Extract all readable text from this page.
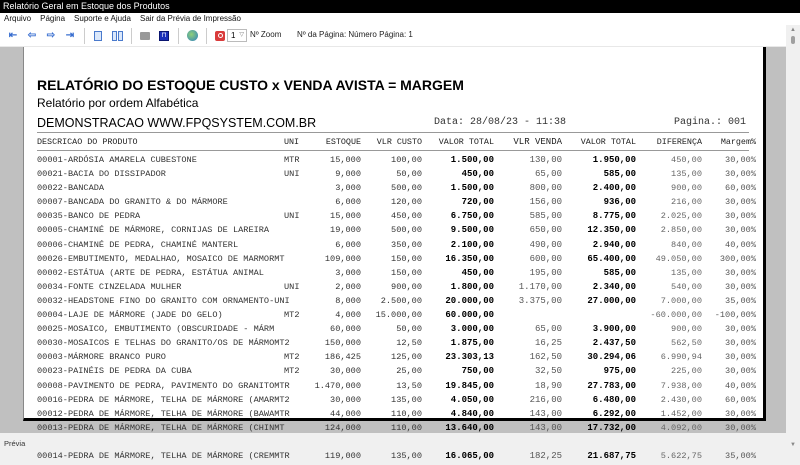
Relatório Geral em Estoque dos Produtos
Arquivo Página Suporte e Ajuda Sair da Prévia de Impressão
⇤ ⇦ ⇨ ⇥	⊓	1 ▽ Nº Zoom Nº da Página: Número Página: 1
RELATÓRIO DO ESTOQUE CUSTO x VENDA AVISTA = MARGEM
Relatório por ordem Alfabética
DEMONSTRACAO WWW.FPQSYSTEM.COM.BR	Data: 28/08/23 - 11:38	Pagina.: 001
DESCRICAO DO PRODUTO	UNI	ESTOQUE VLR CUSTO VALOR TOTAL VLR VENDA VALOR TOTAL DIFERENÇA Margem%
00001-ARDÓSIA AMARELA CUBESTONE	MTR	15,000	100,00	1.500,00	130,00	1.950,00	450,00	30,00%
00021-BACIA DO DISSIPADOR	UNI	9,000	50,00	450,00	65,00	585,00	135,00	30,00%
00022-BANCADA	3,000	500,00	1.500,00	800,00	2.400,00	900,00	60,00%
00007-BANCADA DO GRANITO & DO MÁRMORE	6,000	120,00	720,00	156,00	936,00	216,00	30,00%
00035-BANCO DE PEDRA	UNI	15,000	450,00	6.750,00	585,00	8.775,00	2.025,00	30,00%
00005-CHAMINÉ DE MÁRMORE, CORNIJAS DE LAREIRA	19,000	500,00	9.500,00	650,00	12.350,00	2.850,00	30,00%
00006-CHAMINÉ DE PEDRA, CHAMINÉ MANTERL	6,000	350,00	2.100,00	490,00	2.940,00	840,00	40,00%
00026-EMBUTIMENTO, MEDALHAO, MOSAICO DE MARMORMT	109,000	150,00	16.350,00	600,00	65.400,00 49.050,00 300,00%
00002-ESTÁTUA (ARTE DE PEDRA, ESTÁTUA ANIMAL	3,000	150,00	450,00	195,00	585,00	135,00	30,00%
00034-FONTE CINZELADA MULHER	UNI	2,000	900,00	1.800,00	1.170,00	2.340,00	540,00	30,00%
00032-HEADSTONE FINO DO GRANITO COM ORNAMENTO-UNI	8,000 2.500,00	20.000,00	3.375,00	27.000,00	7.000,00	35,00%
00004-LAJE DE MÁRMORE (JADE DO GELO)	MT2	4,000 15.000,00	60.000,00	-60.000,00 -100,00%
00025-MOSAICO, EMBUTIMENTO (OBSCURIDADE - MÁRM	60,000	50,00	3.000,00	65,00	3.900,00	900,00	30,00%
00030-MOSAICOS E TELHAS DO GRANITO/OS DE MÁRMOMT2	150,000	12,50	1.875,00	16,25	2.437,50	562,50	30,00%
00003-MÁRMORE BRANCO PURO	MT2	186,425	125,00	23.303,13	162,50	30.294,06	6.990,94	30,00%
00023-PAINÉIS DE PEDRA DA CUBA	MT2	30,000	25,00	750,00	32,50	975,00	225,00	30,00%
00008-PAVIMENTO DE PEDRA, PAVIMENTO DO GRANITOMTR	1.470,000	13,50	19.845,00	18,90	27.783,00	7.938,00	40,00%
00016-PEDRA DE MÁRMORE, TELHA DE MÁRMORE (AMARMT2	30,000	135,00	4.050,00	216,00	6.480,00	2.430,00	60,00%
00012-PEDRA DE MÁRMORE, TELHA DE MÁRMORE (BAWAMTR	44,000	110,00	4.840,00	143,00	6.292,00	1.452,00	30,00%
00013-PEDRA DE MÁRMORE, TELHA DE MÁRMORE (CHINMT	124,000	110,00	13.640,00	143,00	17.732,00	4.092,00	30,00%
00014-PEDRA DE MÁRMORE, TELHA DE MÁRMORE (CREMMTR	119,000	135,00	16.065,00	182,25	21.687,75	5.622,75	35,00%
▲
▼
Prévia
